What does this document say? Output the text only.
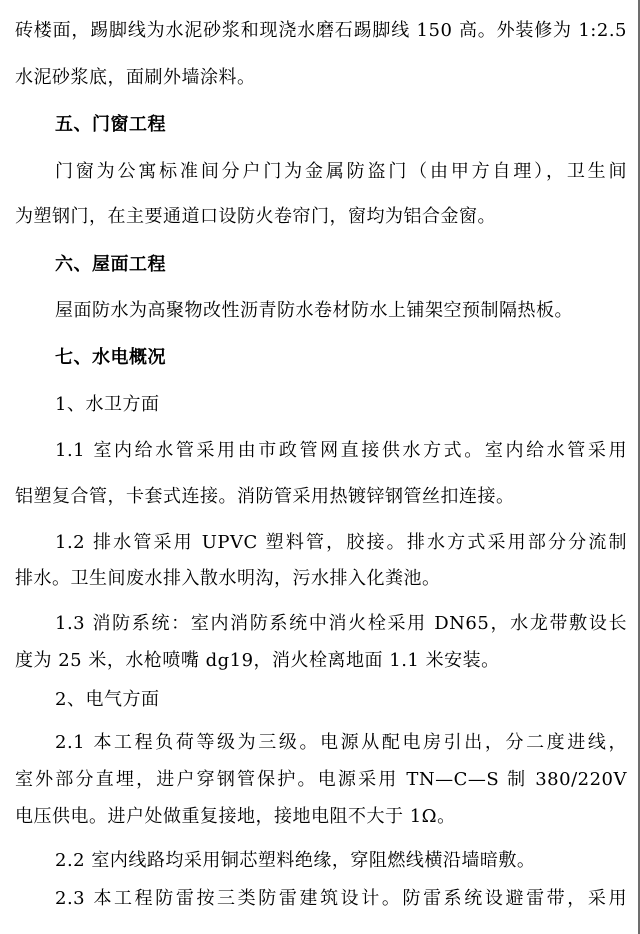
砖楼面，踢脚线为水泥砂浆和现浇水磨石踢脚线 150 高。外装修为 1:2.5
水泥砂浆底，面刷外墙涂料。
五、门窗工程
门窗为公寓标准间分户门为金属防盗门（由甲方自理），卫生间
为塑钢门，在主要通道口设防火卷帘门，窗均为铝合金窗。
六、屋面工程
屋面防水为高聚物改性沥青防水卷材防水上铺架空预制隔热板。
七、水电概况
1、水卫方面
1.1 室内给水管采用由市政管网直接供水方式。室内给水管采用
铝塑复合管，卡套式连接。消防管采用热镀锌钢管丝扣连接。
1.2 排水管采用 UPVC 塑料管，胶接。排水方式采用部分分流制
排水。卫生间废水排入散水明沟，污水排入化粪池。
1.3 消防系统：室内消防系统中消火栓采用 DN65，水龙带敷设长
度为 25 米，水枪喷嘴 dg19，消火栓离地面 1.1 米安装。
2、电气方面
2.1 本工程负荷等级为三级。电源从配电房引出，分二度进线，
室外部分直埋，进户穿钢管保护。电源采用 TN—C—S 制 380/220V
电压供电。进户处做重复接地，接地电阻不大于 1Ω。
2.2 室内线路均采用铜芯塑料绝缘，穿阻燃线横沿墙暗敷。
2.3 本工程防雷按三类防雷建筑设计。防雷系统设避雷带，采用
